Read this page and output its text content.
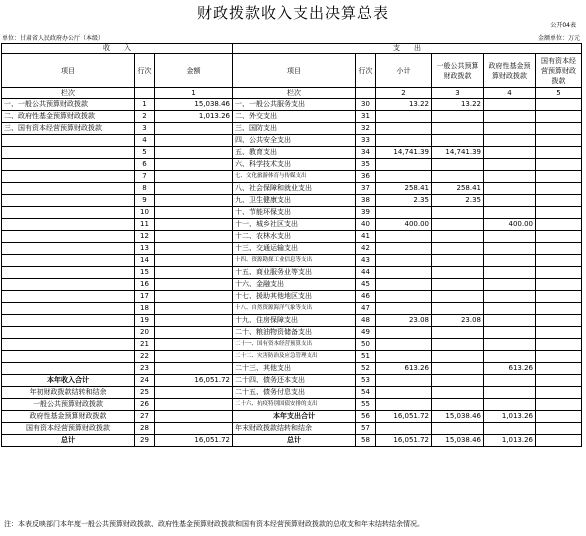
财政拨款收入支出决算总表
公开04表
单位：甘肃省人民政府办公厅（本级）	金额单位：万元
收　　入			支　　出					
项目	行次	金额	项目	行次	小计	一般公共预算财政拨款	政府性基金预算财政拨款	国有资本经营预算财政拨款
栏次		1	栏次		2	3	4	5
一、一般公共预算财政拨款	1	15,038.46	一、一般公共服务支出	30	13.22	13.22		
二、政府性基金预算财政拨款	2	1,013.26	二、外交支出	31				
三、国有资本经营预算财政拨款	3		三、国防支出	32				
	4		四、公共安全支出	33				
	5		五、教育支出	34	14,741.39	14,741.39		
	6		六、科学技术支出	35				
	7		七、文化旅游体育与传媒支出	36				
	8		八、社会保障和就业支出	37	258.41	258.41		
	9		九、卫生健康支出	38	2.35	2.35		
	10		十、节能环保支出	39				
	11		十一、城乡社区支出	40	400.00		400.00	
	12		十二、农林水支出	41				
	13		十三、交通运输支出	42				
	14		十四、资源勘探工业信息等支出	43				
	15		十五、商业服务业等支出	44				
	16		十六、金融支出	45				
	17		十七、援助其他地区支出	46				
	18		十八、自然资源海洋气象等支出	47				
	19		十九、住房保障支出	48	23.08	23.08		
	20		二十、粮油物资储备支出	49				
	21		二十一、国有资本经营预算支出	50				
	22		二十二、灾害防治及应急管理支出	51				
	23		二十三、其他支出	52	613.26		613.26	
本年收入合计	24	16,051.72	二十四、债务还本支出	53				
年初财政拨款结转和结余	25		二十五、债务付息支出	54				
一般公共预算财政拨款	26		二十六、抗疫特别国债安排的支出	55				
政府性基金预算财政拨款	27		本年支出合计	56	16,051.72	15,038.46	1,013.26	
国有资本经营预算财政拨款	28		年末财政拨款结转和结余	57				
总计	29	16,051.72	总计	58	16,051.72	15,038.46	1,013.26	
注：本表反映部门本年度一般公共预算财政拨款、政府性基金预算财政拨款和国有资本经营预算财政拨款的总收支和年末结转结余情况。
